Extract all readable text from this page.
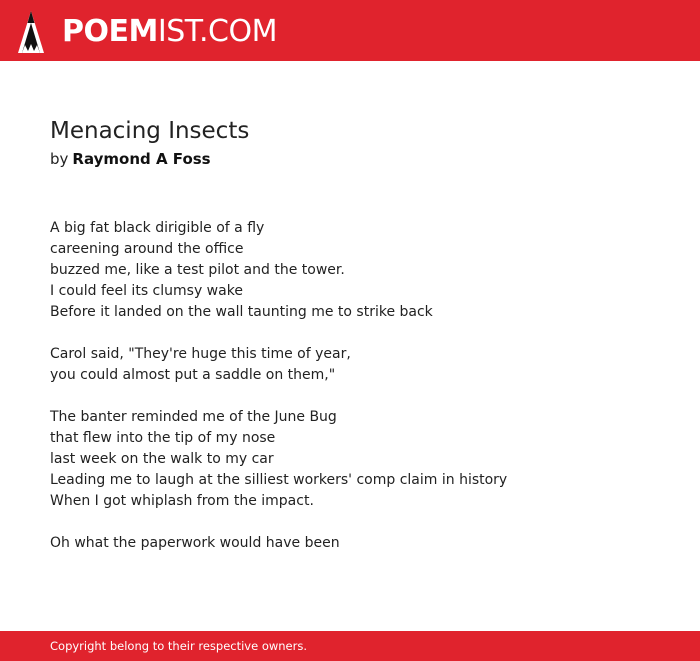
POEMIST.COM
Menacing Insects
by Raymond A Foss
A big fat black dirigible of a fly
careening around the office
buzzed me, like a test pilot and the tower.
I could feel its clumsy wake
Before it landed on the wall taunting me to strike back
Carol said, "They're huge this time of year,
you could almost put a saddle on them,"
The banter reminded me of the June Bug
that flew into the tip of my nose
last week on the walk to my car
Leading me to laugh at the silliest workers' comp claim in history
When I got whiplash from the impact.
Oh what the paperwork would have been
Copyright belong to their respective owners.
